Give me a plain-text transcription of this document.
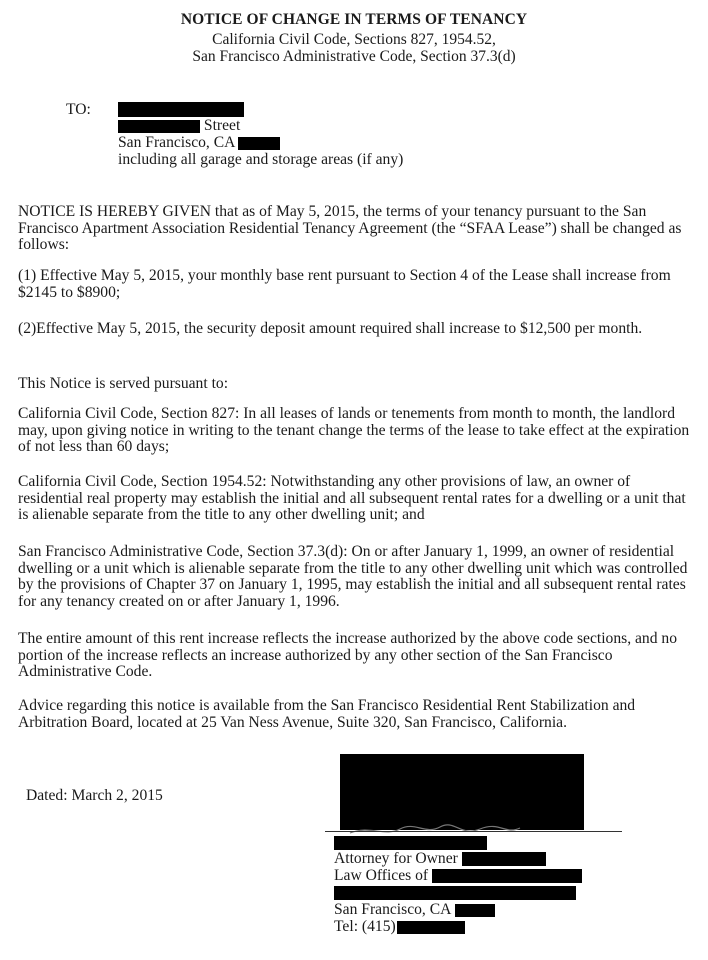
NOTICE OF CHANGE IN TERMS OF TENANCY
California Civil Code, Sections 827, 1954.52,
San Francisco Administrative Code, Section 37.3(d)
TO:
Street
San Francisco, CA
including all garage and storage areas (if any)
NOTICE IS HEREBY GIVEN that as of May 5, 2015, the terms of your tenancy pursuant to the San Francisco Apartment Association Residential Tenancy Agreement (the “SFAA Lease”) shall be changed as follows:
(1) Effective May 5, 2015, your monthly base rent pursuant to Section 4 of the Lease shall increase from $2145 to $8900;
(2)Effective May 5, 2015, the security deposit amount required shall increase to $12,500 per month.
This Notice is served pursuant to:
California Civil Code, Section 827: In all leases of lands or tenements from month to month, the landlord may, upon giving notice in writing to the tenant change the terms of the lease to take effect at the expiration of not less than 60 days;
California Civil Code, Section 1954.52: Notwithstanding any other provisions of law, an owner of residential real property may establish the initial and all subsequent rental rates for a dwelling or a unit that is alienable separate from the title to any other dwelling unit; and
San Francisco Administrative Code, Section 37.3(d): On or after January 1, 1999, an owner of residential dwelling or a unit which is alienable separate from the title to any other dwelling unit which was controlled by the provisions of Chapter 37 on January 1, 1995, may establish the initial and all subsequent rental rates for any tenancy created on or after January 1, 1996.
The entire amount of this rent increase reflects the increase authorized by the above code sections, and no portion of the increase reflects an increase authorized by any other section of the San Francisco Administrative Code.
Advice regarding this notice is available from the San Francisco Residential Rent Stabilization and Arbitration Board, located at 25 Van Ness Avenue, Suite 320, San Francisco, California.
Dated: March 2, 2015
Attorney for Owner
Law Offices of
San Francisco, CA
Tel: (415)
